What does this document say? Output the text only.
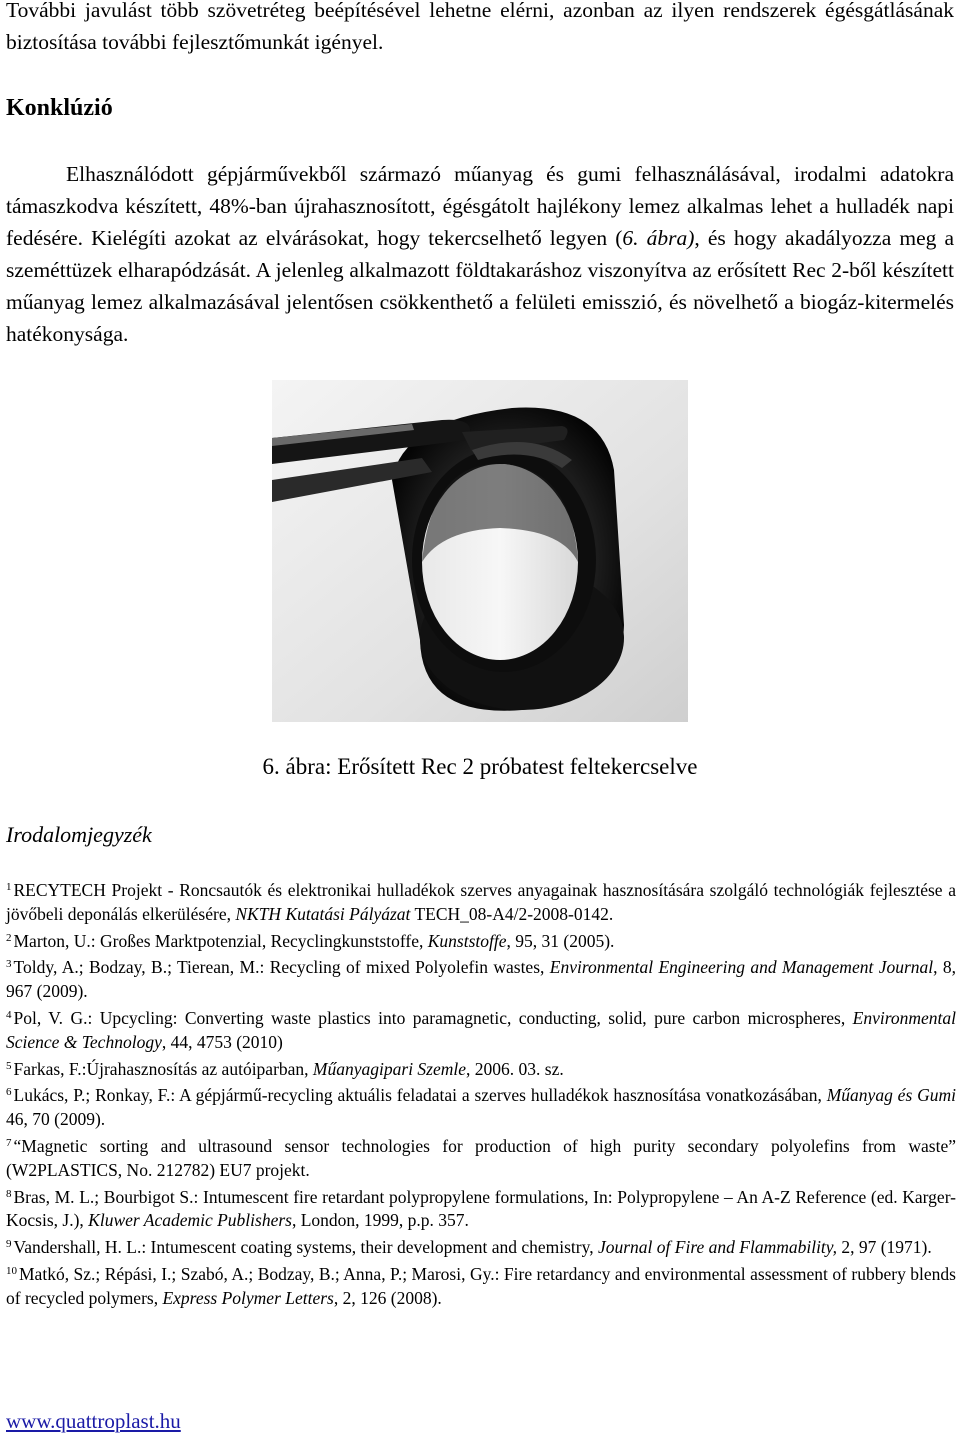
További javulást több szövetréteg beépítésével lehetne elérni, azonban az ilyen rendszerek égésgátlásának biztosítása további fejlesztőmunkát igényel.

Konklúzió

Elhasználódott gépjárművekből származó műanyag és gumi felhasználásával, irodalmi adatokra támaszkodva készített, 48%-ban újrahasznosított, égésgátolt hajlékony lemez alkalmas lehet a hulladék napi fedésére. Kielégíti azokat az elvárásokat, hogy tekercselhető legyen (6. ábra), és hogy akadályozza meg a szeméttüzek elharapódzását. A jelenleg alkalmazott földtakaráshoz viszonyítva az erősített Rec 2-ből készített műanyag lemez alkalmazásával jelentősen csökkenthető a felületi emisszió, és növelhető a biogáz-kitermelés hatékonysága.

6. ábra: Erősített Rec 2 próbatest feltekercselve

Irodalomjegyzék

$^1$ RECYTECH Projekt - Roncsautók és elektronikai hulladékok szerves anyagainak hasznosítására szolgáló technológiák fejlesztése a jövőbeli deponálás elkerülésére, NKTH Kutatási Pályázat TECH_08-A4/2-2008-0142.
$^2$ Marton, U.: Großes Marktpotenzial, Recyclingkunststoffe, Kunststoffe, 95, 31 (2005).
$^3$ Toldy, A.; Bodzay, B.; Tierean, M.: Recycling of mixed Polyolefin wastes, Environmental Engineering and Management Journal, 8, 967 (2009).
$^4$ Pol, V. G.: Upcycling: Converting waste plastics into paramagnetic, conducting, solid, pure carbon microspheres, Environmental Science & Technology, 44, 4753 (2010)
$^5$ Farkas, F.:Újrahasznosítás az autóiparban, Műanyagipari Szemle, 2006. 03. sz.
$^6$ Lukács, P.; Ronkay, F.: A gépjármű-recycling aktuális feladatai a szerves hulladékok hasznosítása vonatkozásában, Műanyag és Gumi 46, 70 (2009).
$^7$ “Magnetic sorting and ultrasound sensor technologies for production of high purity secondary polyolefins from waste” (W2PLASTICS, No. 212782) EU7 projekt.
$^8$ Bras, M. L.; Bourbigot S.: Intumescent fire retardant polypropylene formulations, In: Polypropylene – An A-Z Reference (ed. Karger-Kocsis, J.), Kluwer Academic Publishers, London, 1999, p.p. 357.
$^9$ Vandershall, H. L.: Intumescent coating systems, their development and chemistry, Journal of Fire and Flammability, 2, 97 (1971).
$^{10}$ Matkó, Sz.; Répási, I.; Szabó, A.; Bodzay, B.; Anna, P.; Marosi, Gy.: Fire retardancy and environmental assessment of rubbery blends of recycled polymers, Express Polymer Letters, 2, 126 (2008).
www.quattroplast.hu
